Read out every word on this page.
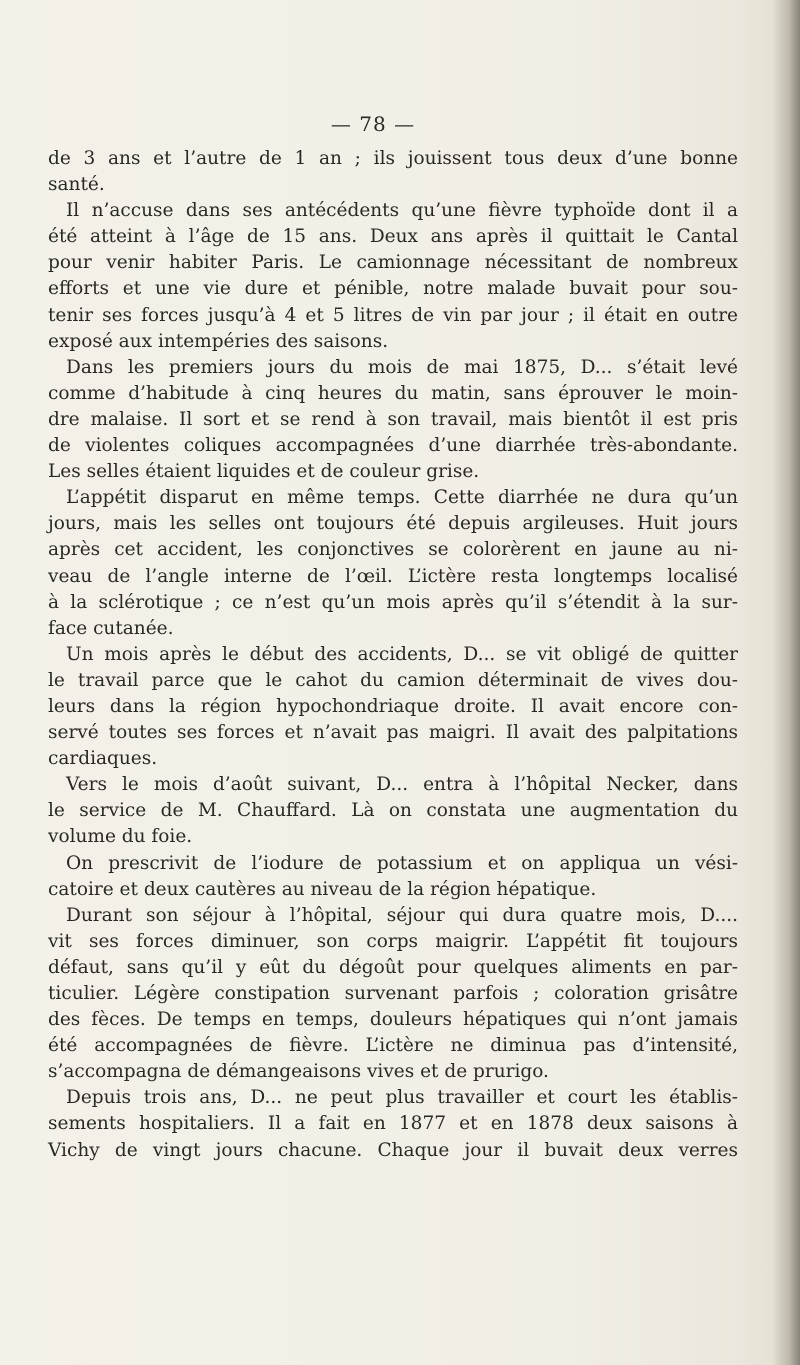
— 78 —
de 3 ans et l’autre de 1 an ; ils jouissent tous deux d’une bonne
santé.
Il n’accuse dans ses antécédents qu’une fièvre typhoïde dont il a
été atteint à l’âge de 15 ans. Deux ans après il quittait le Cantal
pour venir habiter Paris. Le camionnage nécessitant de nombreux
efforts et une vie dure et pénible, notre malade buvait pour sou-
tenir ses forces jusqu’à 4 et 5 litres de vin par jour ; il était en outre
exposé aux intempéries des saisons.
Dans les premiers jours du mois de mai 1875, D... s’était levé
comme d’habitude à cinq heures du matin, sans éprouver le moin-
dre malaise. Il sort et se rend à son travail, mais bientôt il est pris
de violentes coliques accompagnées d’une diarrhée très-abondante.
Les selles étaient liquides et de couleur grise.
L’appétit disparut en même temps. Cette diarrhée ne dura qu’un
jours, mais les selles ont toujours été depuis argileuses. Huit jours
après cet accident, les conjonctives se colorèrent en jaune au ni-
veau de l’angle interne de l’œil. L’ictère resta longtemps localisé
à la sclérotique ; ce n’est qu’un mois après qu’il s’étendit à la sur-
face cutanée.
Un mois après le début des accidents, D... se vit obligé de quitter
le travail parce que le cahot du camion déterminait de vives dou-
leurs dans la région hypochondriaque droite. Il avait encore con-
servé toutes ses forces et n’avait pas maigri. Il avait des palpitations
cardiaques.
Vers le mois d’août suivant, D... entra à l’hôpital Necker, dans
le service de M. Chauffard. Là on constata une augmentation du
volume du foie.
On prescrivit de l’iodure de potassium et on appliqua un vési-
catoire et deux cautères au niveau de la région hépatique.
Durant son séjour à l’hôpital, séjour qui dura quatre mois, D....
vit ses forces diminuer, son corps maigrir. L’appétit fit toujours
défaut, sans qu’il y eût du dégoût pour quelques aliments en par-
ticulier. Légère constipation survenant parfois ; coloration grisâtre
des fèces. De temps en temps, douleurs hépatiques qui n’ont jamais
été accompagnées de fièvre. L’ictère ne diminua pas d’intensité,
s’accompagna de démangeaisons vives et de prurigo.
Depuis trois ans, D... ne peut plus travailler et court les établis-
sements hospitaliers. Il a fait en 1877 et en 1878 deux saisons à
Vichy de vingt jours chacune. Chaque jour il buvait deux verres
